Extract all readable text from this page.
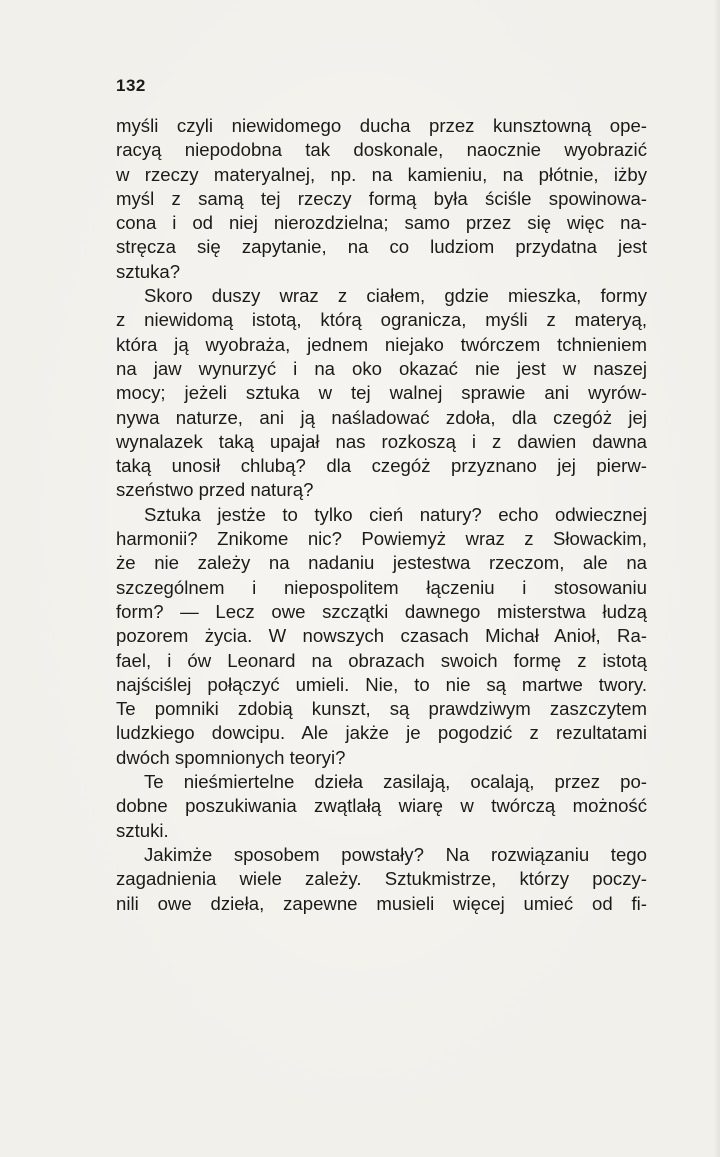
132
myśli czyli niewidomego ducha przez kunsztowną ope-
racyą niepodobna tak doskonale, naocznie wyobrazić
w rzeczy materyalnej, np. na kamieniu, na płótnie, iżby
myśl z samą tej rzeczy formą była ściśle spowinowa-
cona i od niej nierozdzielna; samo przez się więc na-
stręcza się zapytanie, na co ludziom przydatna jest
sztuka?
Skoro duszy wraz z ciałem, gdzie mieszka, formy
z niewidomą istotą, którą ogranicza, myśli z materyą,
która ją wyobraża, jednem niejako twórczem tchnieniem
na jaw wynurzyć i na oko okazać nie jest w naszej
mocy; jeżeli sztuka w tej walnej sprawie ani wyrów-
nywa naturze, ani ją naśladować zdoła, dla czegóż jej
wynalazek taką upajał nas rozkoszą i z dawien dawna
taką unosił chlubą? dla czegóż przyznano jej pierw-
szeństwo przed naturą?
Sztuka jestże to tylko cień natury? echo odwiecznej
harmonii? Znikome nic? Powiemyż wraz z Słowackim,
że nie zależy na nadaniu jestestwa rzeczom, ale na
szczególnem i niepospolitem łączeniu i stosowaniu
form? — Lecz owe szczątki dawnego misterstwa łudzą
pozorem życia. W nowszych czasach Michał Anioł, Ra-
fael, i ów Leonard na obrazach swoich formę z istotą
najściślej połączyć umieli. Nie, to nie są martwe twory.
Te pomniki zdobią kunszt, są prawdziwym zaszczytem
ludzkiego dowcipu. Ale jakże je pogodzić z rezultatami
dwóch spomnionych teoryi?
Te nieśmiertelne dzieła zasilają, ocalają, przez po-
dobne poszukiwania zwątlałą wiarę w twórczą możność
sztuki.
Jakimże sposobem powstały? Na rozwiązaniu tego
zagadnienia wiele zależy. Sztukmistrze, którzy poczy-
nili owe dzieła, zapewne musieli więcej umieć od fi-
